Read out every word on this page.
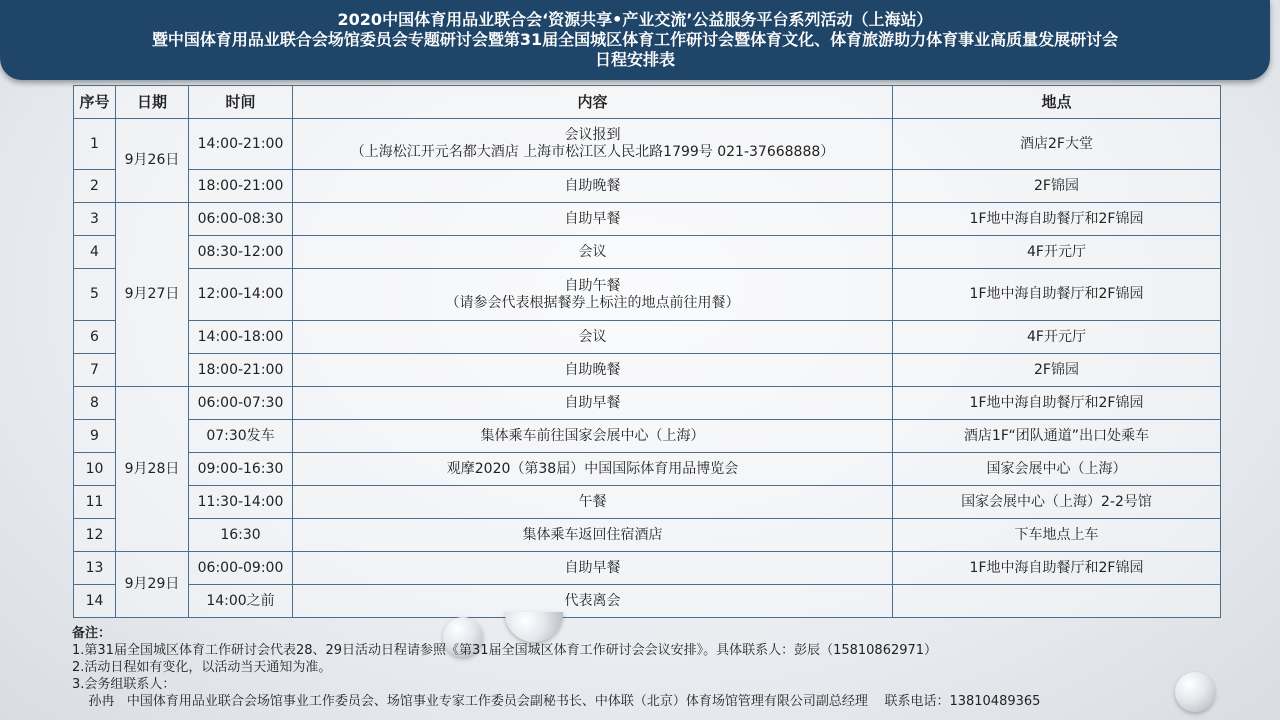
2020中国体育用品业联合会‘资源共享•产业交流’公益服务平台系列活动（上海站）
暨中国体育用品业联合会场馆委员会专题研讨会暨第31届全国城区体育工作研讨会暨体育文化、体育旅游助力体育事业高质量发展研讨会
日程安排表
序号	日期	时间	内容	地点
1	9月26日	14:00-21:00	会议报到
（上海松江开元名都大酒店 上海市松江区人民北路1799号 021-37668888）	酒店2F大堂
2		18:00-21:00	自助晚餐	2F锦园
3	9月27日	06:00-08:30	自助早餐	1F地中海自助餐厅和2F锦园
4		08:30-12:00	会议	4F开元厅
5		12:00-14:00	自助午餐
（请参会代表根据餐券上标注的地点前往用餐）	1F地中海自助餐厅和2F锦园
6		14:00-18:00	会议	4F开元厅
7		18:00-21:00	自助晚餐	2F锦园
8	9月28日	06:00-07:30	自助早餐	1F地中海自助餐厅和2F锦园
9		07:30发车	集体乘车前往国家会展中心（上海）	酒店1F“团队通道”出口处乘车
10		09:00-16:30	观摩2020（第38届）中国国际体育用品博览会	国家会展中心（上海）
11		11:30-14:00	午餐	国家会展中心（上海）2-2号馆
12		16:30	集体乘车返回住宿酒店	下车地点上车
13	9月29日	06:00-09:00	自助早餐	1F地中海自助餐厅和2F锦园
14		14:00之前	代表离会	
备注：
1.第31届全国城区体育工作研讨会代表28、29日活动日程请参照《第31届全国城区体育工作研讨会会议安排》。具体联系人：彭辰（15810862971）
2.活动日程如有变化，以活动当天通知为准。
3.会务组联系人：
孙冉   中国体育用品业联合会场馆事业工作委员会、场馆事业专家工作委员会副秘书长、中体联（北京）体育场馆管理有限公司副总经理    联系电话：13810489365
